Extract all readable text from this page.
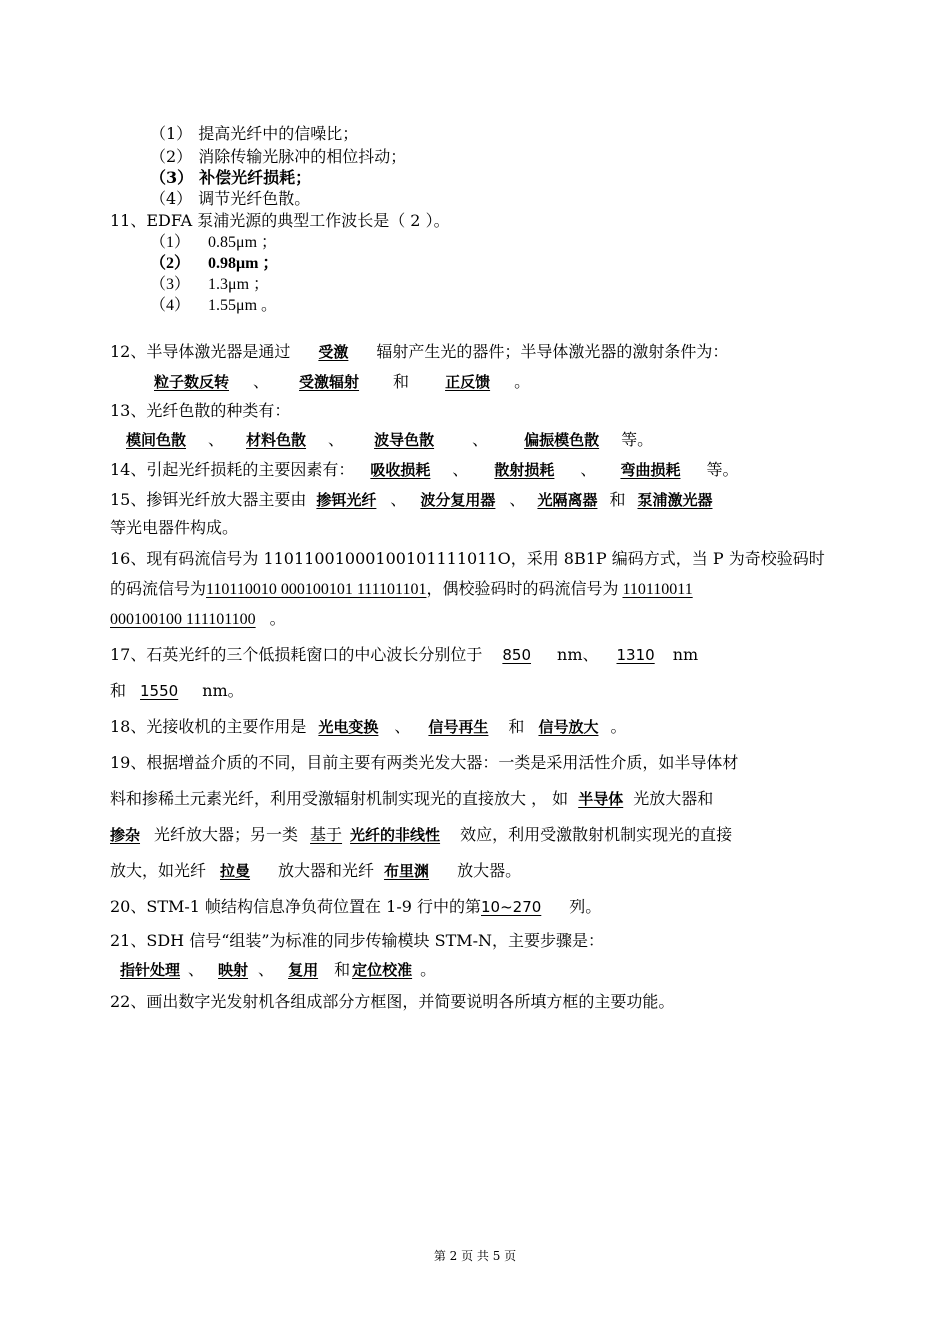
（1） 提高光纤中的信噪比；
（2） 消除传输光脉冲的相位抖动；
（3） 补偿光纤损耗；
（4） 调节光纤色散。
11、EDFA 泵浦光源的典型工作波长是（ 2 ）。
（1） 0.85μm ；
（2） 0.98μm ；
（3） 1.3μm ；
（4） 1.55μm 。
12、半导体激光器是通过 受激 辐射产生光的器件；半导体激光器的激射条件为：
粒子数反转 、 受激辐射 和 正反馈 。
13、光纤色散的种类有：
模间色散 、 材料色散 、 波导色散 、 偏振模色散 等。
14、引起光纤损耗的主要因素有： 吸收损耗 、 散射损耗 、 弯曲损耗 等。
15、掺铒光纤放大器主要由 掺铒光纤 、 波分复用器 、 光隔离器 和 泵浦激光器
等光电器件构成。
16、现有码流信号为 11011001000100101111011O，采用 8B1P 编码方式，当 P 为奇校验码时
的码流信号为110110010 000100101 111101101，偶校验码时的码流信号为 110110011
000100100 111101100 。
17、石英光纤的三个低损耗窗口的中心波长分别位于 850 nm、 1310 nm
和 1550 nm。
18、光接收机的主要作用是 光电变换 、 信号再生 和 信号放大 。
19、根据增益介质的不同，目前主要有两类光发大器：一类是采用活性介质，如半导体材
料和掺稀土元素光纤，利用受激辐射机制实现光的直接放大 ， 如 半导体 光放大器和
掺杂 光纤放大器；另一类 基于 光纤的非线性 效应，利用受激散射机制实现光的直接
放大，如光纤 拉曼 放大器和光纤 布里渊 放大器。
20、STM-1 帧结构信息净负荷位置在 1-9 行中的第10~270 列。
21、SDH 信号“组装”为标准的同步传输模块 STM-N，主要步骤是：
指针处理 、 映射 、 复用 和 定位校准 。
22、画出数字光发射机各组成部分方框图，并简要说明各所填方框的主要功能。
第 2 页 共 5 页
